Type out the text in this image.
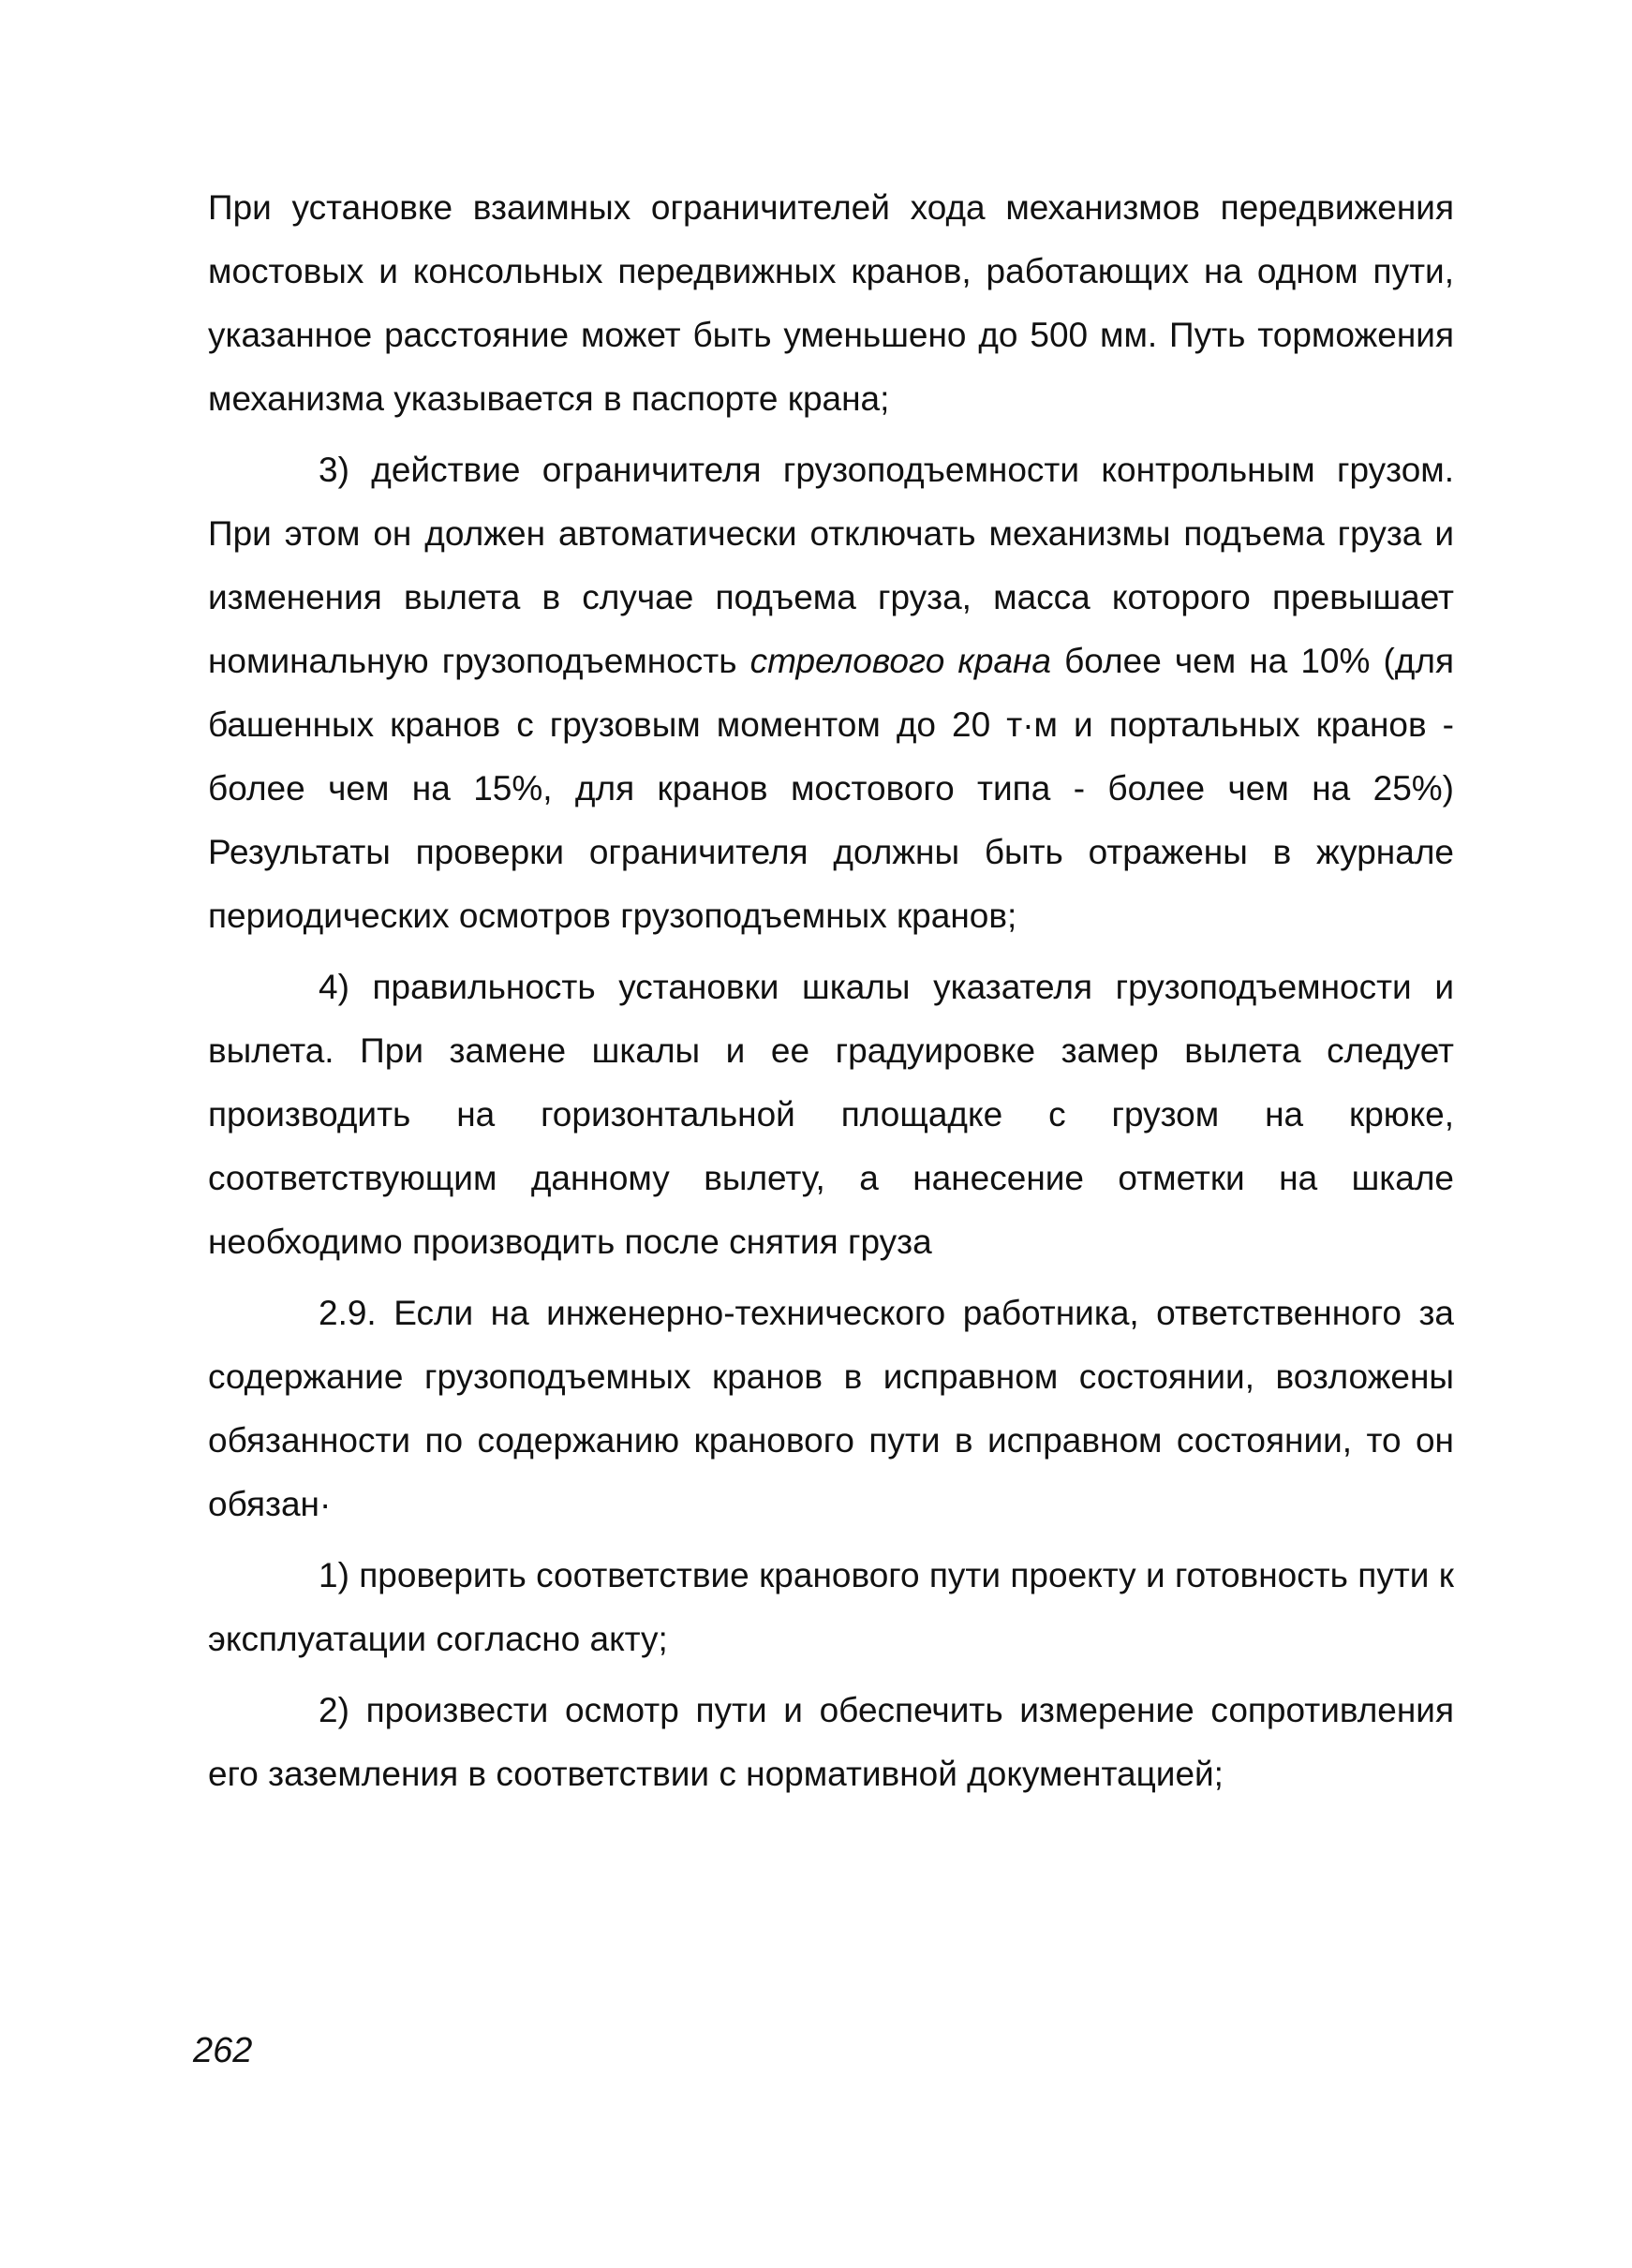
При установке взаимных ограничителей хода механизмов передвижения мостовых и консольных передвижных кранов, работающих на одном пути, указанное расстояние может быть уменьшено до 500 мм. Путь торможения механизма указывается в паспорте крана;

3) действие ограничителя грузоподъемности контрольным грузом. При этом он должен автоматически отключать механизмы подъема груза и изменения вылета в случае подъема груза, масса которого превышает номинальную грузоподъемность стрелового крана более чем на 10% (для башенных кранов с грузовым моментом до 20 т·м и портальных кранов - более чем на 15%, для кранов мостового типа - более чем на 25%) Результаты проверки ограничителя должны быть отражены в журнале периодических осмотров грузоподъемных кранов;

4) правильность установки шкалы указателя грузоподъемности и вылета. При замене шкалы и ее градуировке замер вылета следует производить на горизонтальной площадке с грузом на крюке, соответствующим данному вылету, а нанесение отметки на шкале необходимо производить после снятия груза

2.9. Если на инженерно-технического работника, ответственного за содержание грузоподъемных кранов в исправном состоянии, возложены обязанности по содержанию кранового пути в исправном состоянии, то он обязан·

1) проверить соответствие кранового пути проекту и готовность пути к эксплуатации согласно акту;

2) произвести осмотр пути и обеспечить измерение сопротивления его заземления в соответствии с нормативной документацией;

262
